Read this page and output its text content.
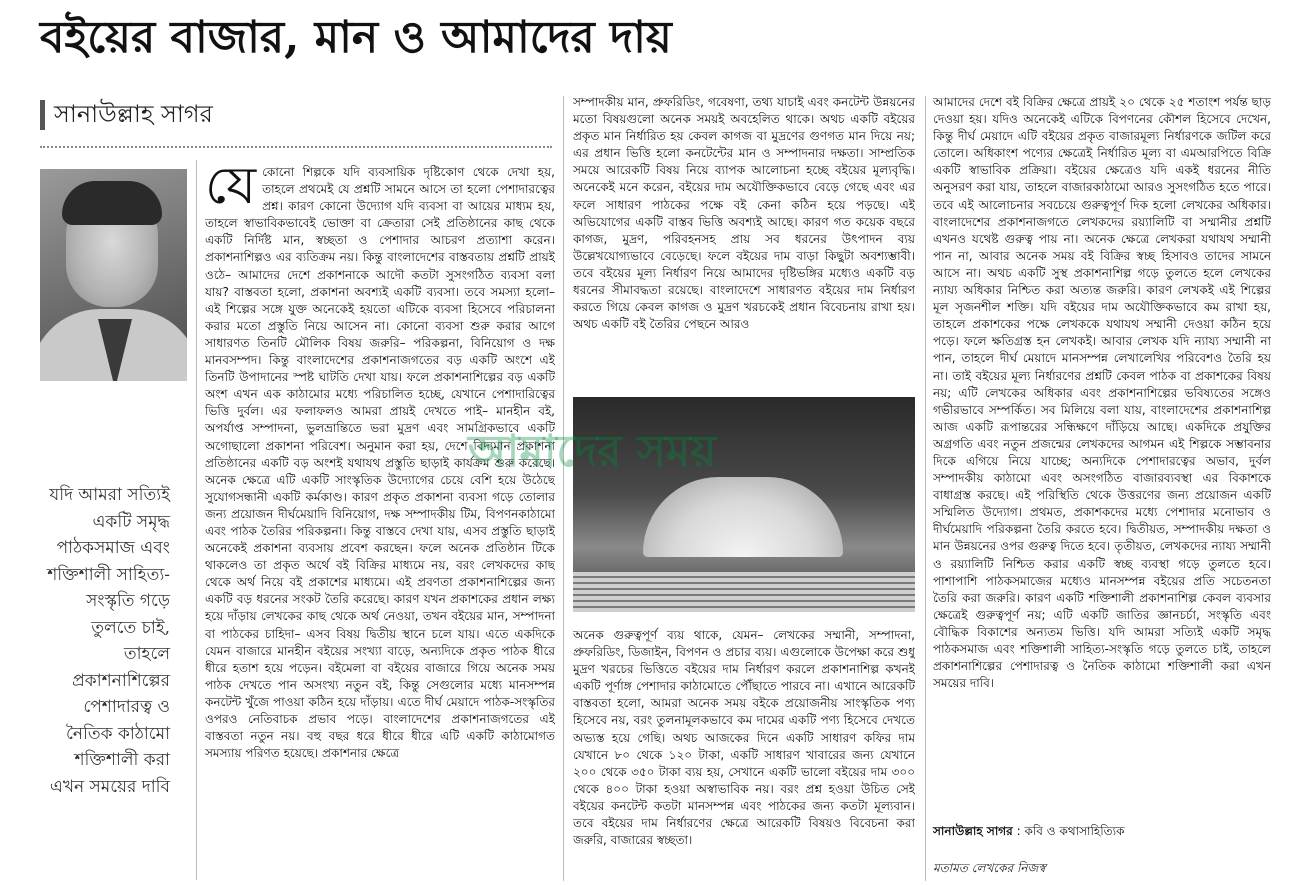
বইয়ের বাজার, মান ও আমাদের দায়
সানাউল্লাহ সাগর
যদি আমরা সত্যিই একটি সমৃদ্ধ পাঠকসমাজ এবং শক্তিশালী সাহিত্য-সংস্কৃতি গড়ে তুলতে চাই, তাহলে প্রকাশনাশিল্পের পেশাদারত্ব ও নৈতিক কাঠামো শক্তিশালী করা এখন সময়ের দাবি

যেকোনো শিল্পকে যদি ব্যবসায়িক দৃষ্টিকোণ থেকে দেখা হয়, তাহলে প্রথমেই যে প্রশ্নটি সামনে আসে তা হলো পেশাদারত্বের প্রশ্ন। কারণ কোনো উদ্যোগ যদি ব্যবসা বা আয়ের মাধ্যম হয়, তাহলে স্বাভাবিকভাবেই ভোক্তা বা ক্রেতারা সেই প্রতিষ্ঠানের কাছ থেকে একটি নির্দিষ্ট মান, স্বচ্ছতা ও পেশাদার আচরণ প্রত্যাশা করেন। প্রকাশনাশিল্পও এর ব্যতিক্রম নয়। কিন্তু বাংলাদেশের বাস্তবতায় প্রশ্নটি প্রায়ই ওঠে– আমাদের দেশে প্রকাশনাকে আদৌ কতটা সুসংগঠিত ব্যবসা বলা যায়? বাস্তবতা হলো, প্রকাশনা অবশ্যই একটি ব্যবসা। তবে সমস্যা হলো– এই শিল্পের সঙ্গে যুক্ত অনেকেই হয়তো এটিকে ব্যবসা হিসেবে পরিচালনা করার মতো প্রস্তুতি নিয়ে আসেন না। কোনো ব্যবসা শুরু করার আগে সাধারণত তিনটি মৌলিক বিষয় জরুরি– পরিকল্পনা, বিনিয়োগ ও দক্ষ মানবসম্পদ। কিন্তু বাংলাদেশের প্রকাশনাজগতের বড় একটি অংশে এই তিনটি উপাদানের স্পষ্ট ঘাটতি দেখা যায়। ফলে প্রকাশনাশিল্পের বড় একটি অংশ এখন এক কাঠামোর মধ্যে পরিচালিত হচ্ছে, যেখানে পেশাদারিত্বের ভিত্তি দুর্বল। এর ফলাফলও আমরা প্রায়ই দেখতে পাই– মানহীন বই, অপর্যাপ্ত সম্পাদনা, ভুলভ্রান্তিতে ভরা মুদ্রণ এবং সামগ্রিকভাবে একটি অগোছালো প্রকাশনা পরিবেশ। অনুমান করা হয়, দেশে বিদ্যমান প্রকাশনা প্রতিষ্ঠানের একটি বড় অংশই যথাযথ প্রস্তুতি ছাড়াই কার্যক্রম শুরু করেছে। অনেক ক্ষেত্রে এটি একটি সাংস্কৃতিক উদ্যোগের চেয়ে বেশি হয়ে উঠেছে সুযোগসন্ধানী একটি কর্মকাণ্ড। কারণ প্রকৃত প্রকাশনা ব্যবসা গড়ে তোলার জন্য প্রয়োজন দীর্ঘমেয়াদি বিনিয়োগ, দক্ষ সম্পাদকীয় টিম, বিপণনকাঠামো এবং পাঠক তৈরির পরিকল্পনা। কিন্তু বাস্তবে দেখা যায়, এসব প্রস্তুতি ছাড়াই অনেকেই প্রকাশনা ব্যবসায় প্রবেশ করছেন। ফলে অনেক প্রতিষ্ঠান টিকে থাকলেও তা প্রকৃত অর্থে বই বিক্রির মাধ্যমে নয়, বরং লেখকদের কাছ থেকে অর্থ নিয়ে বই প্রকাশের মাধ্যমে। এই প্রবণতা প্রকাশনাশিল্পের জন্য একটি বড় ধরনের সংকট তৈরি করেছে। কারণ যখন প্রকাশকের প্রধান লক্ষ্য হয়ে দাঁড়ায় লেখকের কাছ থেকে অর্থ নেওয়া, তখন বইয়ের মান, সম্পাদনা বা পাঠকের চাহিদা– এসব বিষয় দ্বিতীয় স্থানে চলে যায়। এতে একদিকে যেমন বাজারে মানহীন বইয়ের সংখ্যা বাড়ে, অন্যদিকে প্রকৃত পাঠক ধীরে ধীরে হতাশ হয়ে পড়েন। বইমেলা বা বইয়ের বাজারে গিয়ে অনেক সময় পাঠক দেখতে পান অসংখ্য নতুন বই, কিন্তু সেগুলোর মধ্যে মানসম্পন্ন কনটেন্ট খুঁজে পাওয়া কঠিন হয়ে দাঁড়ায়। এতে দীর্ঘ মেয়াদে পাঠক-সংস্কৃতির ওপরও নেতিবাচক প্রভাব পড়ে। বাংলাদেশের প্রকাশনাজগতের এই বাস্তবতা নতুন নয়। বহু বছর ধরে ধীরে ধীরে এটি একটি কাঠামোগত সমস্যায় পরিণত হয়েছে। প্রকাশনার ক্ষেত্রে

সম্পাদকীয় মান, প্রুফরিডিং, গবেষণা, তথ্য যাচাই এবং কনটেন্ট উন্নয়নের মতো বিষয়গুলো অনেক সময়ই অবহেলিত থাকে। অথচ একটি বইয়ের প্রকৃত মান নির্ধারিত হয় কেবল কাগজ বা মুদ্রণের গুণগত মান দিয়ে নয়; এর প্রধান ভিত্তি হলো কনটেন্টের মান ও সম্পাদনার দক্ষতা। সাম্প্রতিক সময়ে আরেকটি বিষয় নিয়ে ব্যাপক আলোচনা হচ্ছে বইয়ের মূল্যবৃদ্ধি। অনেকেই মনে করেন, বইয়ের দাম অযৌক্তিকভাবে বেড়ে গেছে এবং এর ফলে সাধারণ পাঠকের পক্ষে বই কেনা কঠিন হয়ে পড়ছে। এই অভিযোগের একটি বাস্তব ভিত্তি অবশ্যই আছে। কারণ গত কয়েক বছরে কাগজ, মুদ্রণ, পরিবহনসহ প্রায় সব ধরনের উৎপাদন ব্যয় উল্লেখযোগ্যভাবে বেড়েছে। ফলে বইয়ের দাম বাড়া কিছুটা অবশ্যম্ভাবী। তবে বইয়ের মূল্য নির্ধারণ নিয়ে আমাদের দৃষ্টিভঙ্গির মধ্যেও একটি বড় ধরনের সীমাবদ্ধতা রয়েছে। বাংলাদেশে সাধারণত বইয়ের দাম নির্ধারণ করতে গিয়ে কেবল কাগজ ও মুদ্রণ খরচকেই প্রধান বিবেচনায় রাখা হয়। অথচ একটি বই তৈরির পেছনে আরও

আমাদের সময়

অনেক গুরুত্বপূর্ণ ব্যয় থাকে, যেমন– লেখকের সম্মানী, সম্পাদনা, প্রুফরিডিং, ডিজাইন, বিপণন ও প্রচার ব্যয়। এগুলোকে উপেক্ষা করে শুধু মুদ্রণ খরচের ভিত্তিতে বইয়ের দাম নির্ধারণ করলে প্রকাশনাশিল্প কখনই একটি পূর্ণাঙ্গ পেশাদার কাঠামোতে পৌঁছাতে পারবে না। এখানে আরেকটি বাস্তবতা হলো, আমরা অনেক সময় বইকে প্রয়োজনীয় সাংস্কৃতিক পণ্য হিসেবে নয়, বরং তুলনামূলকভাবে কম দামের একটি পণ্য হিসেবে দেখতে অভ্যস্ত হয়ে গেছি। অথচ আজকের দিনে একটি সাধারণ কফির দাম যেখানে ৮০ থেকে ১২০ টাকা, একটি সাধারণ খাবারের জন্য যেখানে ২০০ থেকে ৩৫০ টাকা ব্যয় হয়, সেখানে একটি ভালো বইয়ের দাম ৩০০ থেকে ৪০০ টাকা হওয়া অস্বাভাবিক নয়। বরং প্রশ্ন হওয়া উচিত সেই বইয়ের কনটেন্ট কতটা মানসম্পন্ন এবং পাঠকের জন্য কতটা মূল্যবান। তবে বইয়ের দাম নির্ধারণের ক্ষেত্রে আরেকটি বিষয়ও বিবেচনা করা জরুরি, বাজারের স্বচ্ছতা।

আমাদের দেশে বই বিক্রির ক্ষেত্রে প্রায়ই ২০ থেকে ২৫ শতাংশ পর্যন্ত ছাড় দেওয়া হয়। যদিও অনেকেই এটিকে বিপণনের কৌশল হিসেবে দেখেন, কিন্তু দীর্ঘ মেয়াদে এটি বইয়ের প্রকৃত বাজারমূল্য নির্ধারণকে জটিল করে তোলে। অধিকাংশ পণ্যের ক্ষেত্রেই নির্ধারিত মূল্য বা এমআরপিতে বিক্রি একটি স্বাভাবিক প্রক্রিয়া। বইয়ের ক্ষেত্রেও যদি একই ধরনের নীতি অনুসরণ করা যায়, তাহলে বাজারকাঠামো আরও সুসংগঠিত হতে পারে। তবে এই আলোচনার সবচেয়ে গুরুত্বপূর্ণ দিক হলো লেখকের অধিকার। বাংলাদেশের প্রকাশনাজগতে লেখকদের রয়্যালিটি বা সম্মানীর প্রশ্নটি এখনও যথেষ্ট গুরুত্ব পায় না। অনেক ক্ষেত্রে লেখকরা যথাযথ সম্মানী পান না, আবার অনেক সময় বই বিক্রির স্বচ্ছ হিসাবও তাদের সামনে আসে না। অথচ একটি সুস্থ প্রকাশনাশিল্প গড়ে তুলতে হলে লেখকের ন্যায্য অধিকার নিশ্চিত করা অত্যন্ত জরুরি। কারণ লেখকই এই শিল্পের মূল সৃজনশীল শক্তি। যদি বইয়ের দাম অযৌক্তিকভাবে কম রাখা হয়, তাহলে প্রকাশকের পক্ষে লেখককে যথাযথ সম্মানী দেওয়া কঠিন হয়ে পড়ে। ফলে ক্ষতিগ্রস্ত হন লেখকই। আবার লেখক যদি ন্যায্য সম্মানী না পান, তাহলে দীর্ঘ মেয়াদে মানসম্পন্ন লেখালেখির পরিবেশও তৈরি হয় না। তাই বইয়ের মূল্য নির্ধারণের প্রশ্নটি কেবল পাঠক বা প্রকাশকের বিষয় নয়; এটি লেখকের অধিকার এবং প্রকাশনাশিল্পের ভবিষ্যতের সঙ্গেও গভীরভাবে সম্পর্কিত। সব মিলিয়ে বলা যায়, বাংলাদেশের প্রকাশনাশিল্প আজ একটি রূপান্তরের সন্ধিক্ষণে দাঁড়িয়ে আছে। একদিকে প্রযুক্তির অগ্রগতি এবং নতুন প্রজন্মের লেখকদের আগমন এই শিল্পকে সম্ভাবনার দিকে এগিয়ে নিয়ে যাচ্ছে; অন্যদিকে পেশাদারত্বের অভাব, দুর্বল সম্পাদকীয় কাঠামো এবং অসংগঠিত বাজারব্যবস্থা এর বিকাশকে বাধাগ্রস্ত করছে। এই পরিস্থিতি থেকে উত্তরণের জন্য প্রয়োজন একটি সম্মিলিত উদ্যোগ। প্রথমত, প্রকাশকদের মধ্যে পেশাদার মনোভাব ও দীর্ঘমেয়াদি পরিকল্পনা তৈরি করতে হবে। দ্বিতীয়ত, সম্পাদকীয় দক্ষতা ও মান উন্নয়নের ওপর গুরুত্ব দিতে হবে। তৃতীয়ত, লেখকদের ন্যায্য সম্মানী ও রয়্যালিটি নিশ্চিত করার একটি স্বচ্ছ ব্যবস্থা গড়ে তুলতে হবে। পাশাপাশি পাঠকসমাজের মধ্যেও মানসম্পন্ন বইয়ের প্রতি সচেতনতা তৈরি করা জরুরি। কারণ একটি শক্তিশালী প্রকাশনাশিল্প কেবল ব্যবসার ক্ষেত্রেই গুরুত্বপূর্ণ নয়; এটি একটি জাতির জ্ঞানচর্চা, সংস্কৃতি এবং বৌদ্ধিক বিকাশের অন্যতম ভিত্তি। যদি আমরা সত্যিই একটি সমৃদ্ধ পাঠকসমাজ এবং শক্তিশালী সাহিত্য-সংস্কৃতি গড়ে তুলতে চাই, তাহলে প্রকাশনাশিল্পের পেশাদারত্ব ও নৈতিক কাঠামো শক্তিশালী করা এখন সময়ের দাবি।

সানাউল্লাহ সাগর : কবি ও কথাসাহিত্যিক
মতামত লেখকের নিজস্ব
